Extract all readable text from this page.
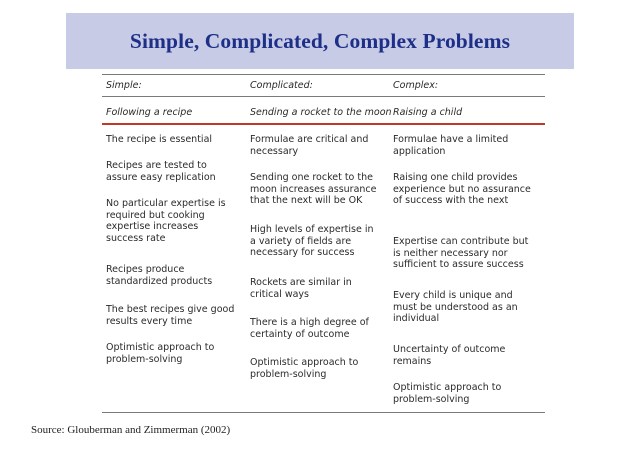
Simple, Complicated, Complex Problems
Simple:
Following a recipe
The recipe is essential
Recipes are tested to assure easy replication
No particular expertise is required but cooking expertise increases success rate
Recipes produce standardized products
The best recipes give good results every time
Optimistic approach to problem-solving
Complicated:
Sending a rocket to the moon
Formulae are critical and necessary
Sending one rocket to the moon increases assurance that the next will be OK
High levels of expertise in a variety of fields are necessary for success
Rockets are similar in critical ways
There is a high degree of certainty of outcome
Optimistic approach to problem-solving
Complex:
Raising a child
Formulae have a limited application
Raising one child provides experience but no assurance of success with the next
Expertise can contribute but is neither necessary nor sufficient to assure success
Every child is unique and must be understood as an individual
Uncertainty of outcome remains
Optimistic approach to problem-solving
Source: Glouberman and Zimmerman (2002)
